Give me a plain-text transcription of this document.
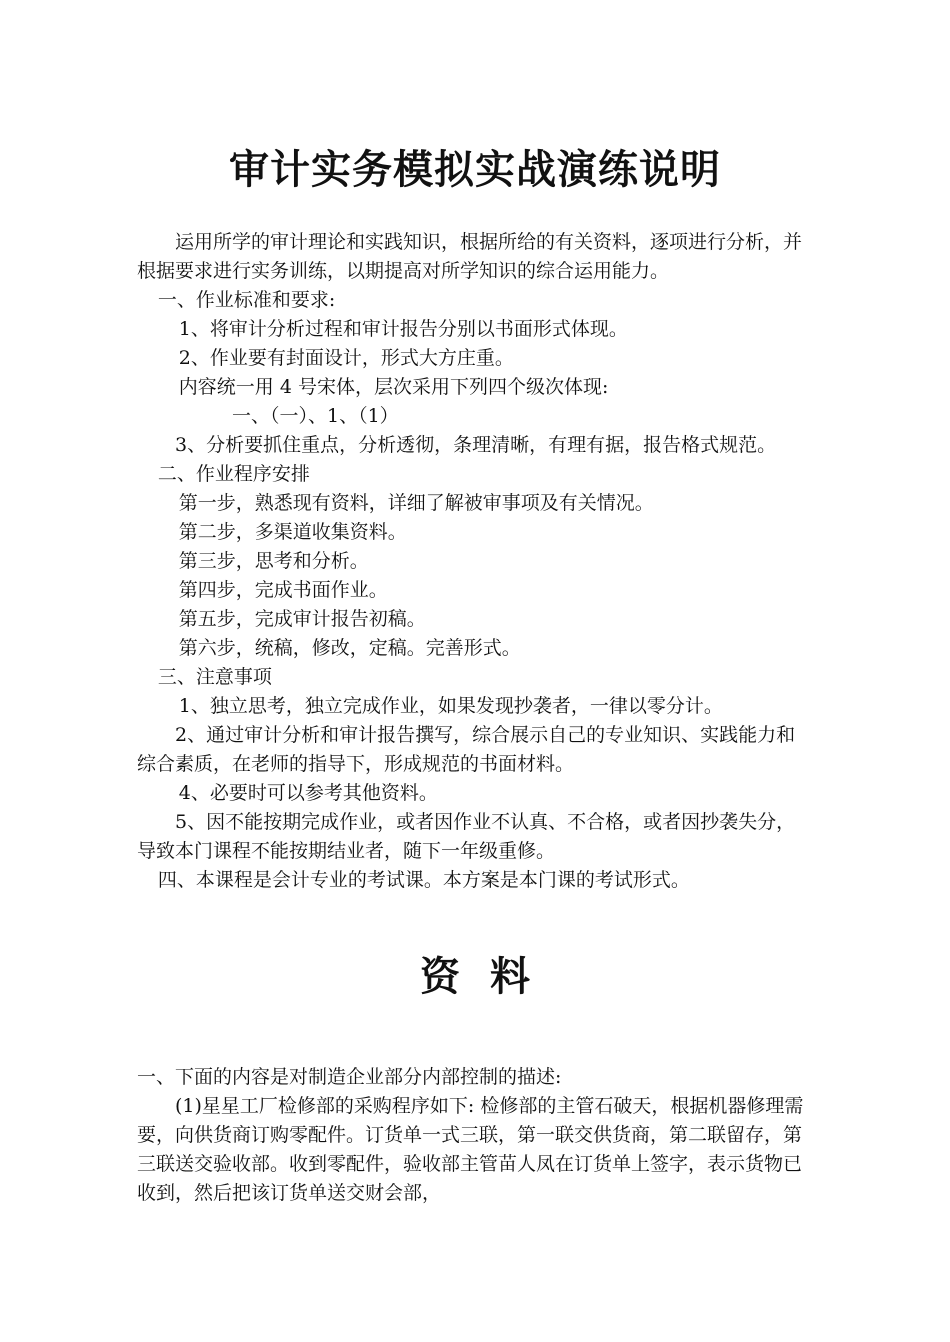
审计实务模拟实战演练说明

运用所学的审计理论和实践知识，根据所给的有关资料，逐项进行分析，并根据要求进行实务训练，以期提高对所学知识的综合运用能力。

一、作业标准和要求:

1、将审计分析过程和审计报告分别以书面形式体现。

2、作业要有封面设计，形式大方庄重。

内容统一用 4 号宋体，层次采用下列四个级次体现:

一、（一）、1、（1）

3、分析要抓住重点，分析透彻，条理清晰，有理有据，报告格式规范。

二、作业程序安排

第一步，熟悉现有资料，详细了解被审事项及有关情况。

第二步，多渠道收集资料。

第三步，思考和分析。

第四步，完成书面作业。

第五步，完成审计报告初稿。

第六步，统稿，修改，定稿。完善形式。

三、注意事项

1、独立思考，独立完成作业，如果发现抄袭者，一律以零分计。

2、通过审计分析和审计报告撰写，综合展示自己的专业知识、实践能力和综合素质，在老师的指导下，形成规范的书面材料。

4、必要时可以参考其他资料。

5、因不能按期完成作业，或者因作业不认真、不合格，或者因抄袭失分，导致本门课程不能按期结业者，随下一年级重修。

四、本课程是会计专业的考试课。本方案是本门课的考试形式。

资料

一、下面的内容是对制造企业部分内部控制的描述:

(1)星星工厂检修部的采购程序如下: 检修部的主管石破天，根据机器修理需要，向供货商订购零配件。订货单一式三联，第一联交供货商，第二联留存，第三联送交验收部。收到零配件，验收部主管苗人凤在订货单上签字，表示货物已收到，然后把该订货单送交财会部，
